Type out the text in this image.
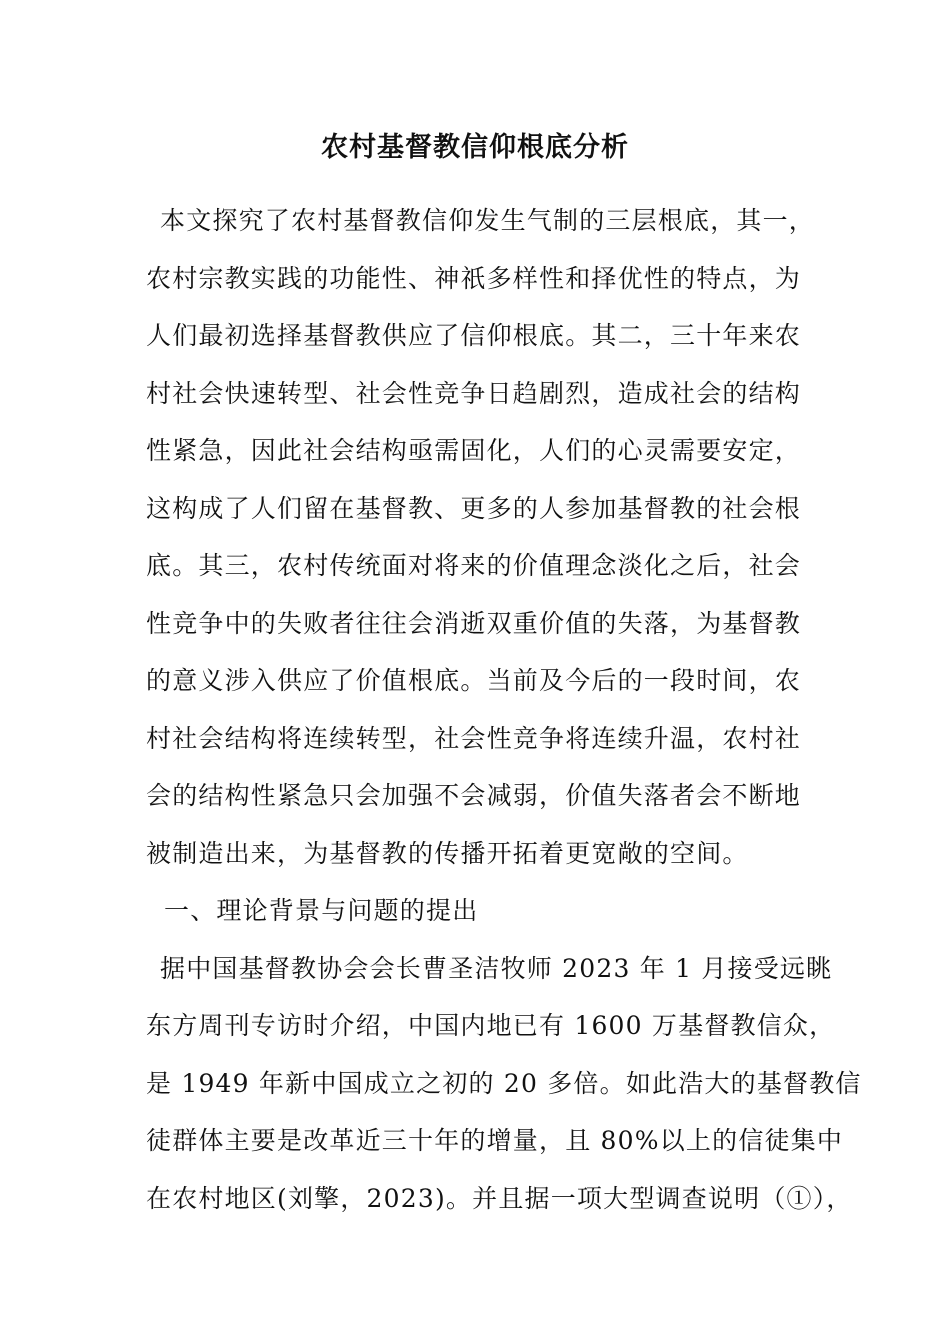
农村基督教信仰根底分析
本文探究了农村基督教信仰发生气制的三层根底，其一，
农村宗教实践的功能性、神祇多样性和择优性的特点，为
人们最初选择基督教供应了信仰根底。其二，三十年来农
村社会快速转型、社会性竞争日趋剧烈，造成社会的结构
性紧急，因此社会结构亟需固化，人们的心灵需要安定，
这构成了人们留在基督教、更多的人参加基督教的社会根
底。其三，农村传统面对将来的价值理念淡化之后，社会
性竞争中的失败者往往会消逝双重价值的失落，为基督教
的意义涉入供应了价值根底。当前及今后的一段时间，农
村社会结构将连续转型，社会性竞争将连续升温，农村社
会的结构性紧急只会加强不会减弱，价值失落者会不断地
被制造出来，为基督教的传播开拓着更宽敞的空间。
一、理论背景与问题的提出
据中国基督教协会会长曹圣洁牧师 2023 年 1 月接受远眺
东方周刊专访时介绍，中国内地已有 1600 万基督教信众，
是 1949 年新中国成立之初的 20 多倍。如此浩大的基督教信
徒群体主要是改革近三十年的增量，且 80%以上的信徒集中
在农村地区(刘擎，2023)。并且据一项大型调查说明（①），
